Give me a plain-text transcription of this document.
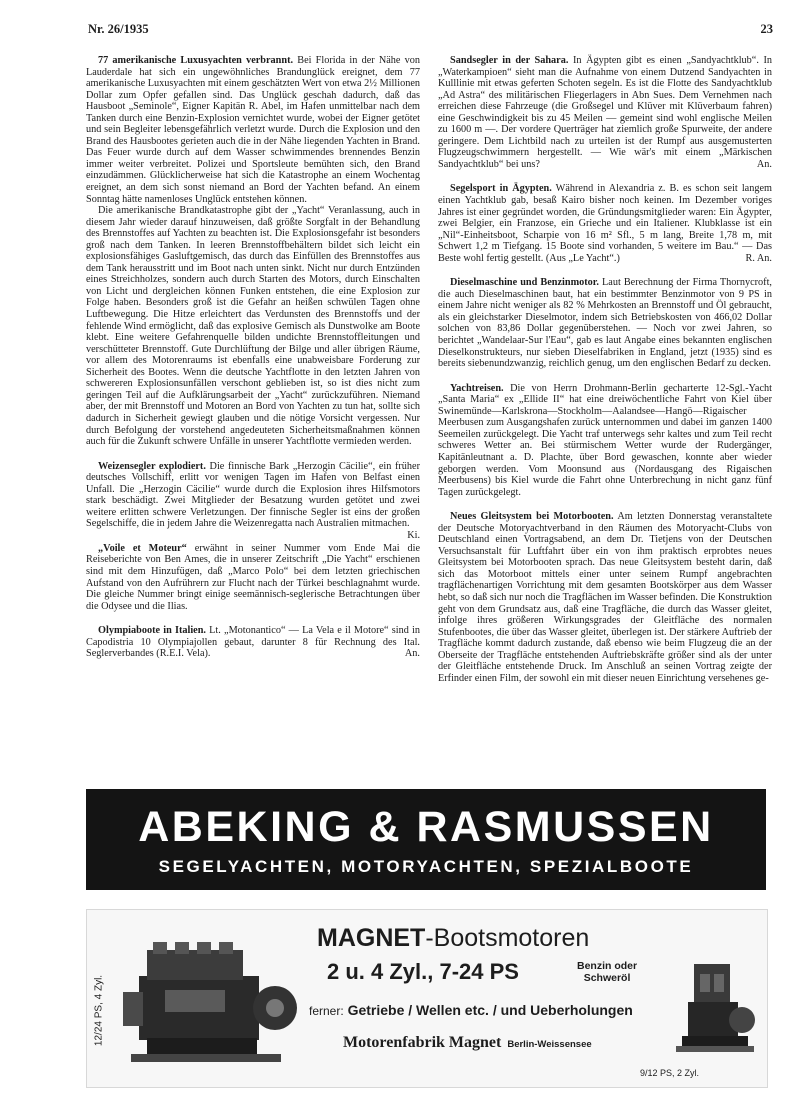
Nr. 26/1935	23

77 amerikanische Luxusyachten verbrannt. Bei Florida in der Nähe von Lauderdale hat sich ein ungewöhnliches Brandunglück ereignet, dem 77 amerikanische Luxusyachten mit einem geschätzten Wert von etwa 2½ Millionen Dollar zum Opfer gefallen sind. Das Unglück geschah dadurch, daß das Hausboot „Seminole“, Eigner Kapitän R. Abel, im Hafen unmittelbar nach dem Tanken durch eine Benzin-Explosion vernichtet wurde, wobei der Eigner getötet und sein Begleiter lebensgefährlich verletzt wurde. Durch die Explosion und den Brand des Hausbootes gerieten auch die in der Nähe liegenden Yachten in Brand. Das Feuer wurde durch auf dem Wasser schwimmendes brennendes Benzin immer weiter verbreitet. Polizei und Sportsleute bemühten sich, den Brand einzudämmen. Glücklicherweise hat sich die Katastrophe an einem Wochentag ereignet, an dem sich sonst niemand an Bord der Yachten befand. An einem Sonntag hätte namenloses Unglück entstehen können.

Die amerikanische Brandkatastrophe gibt der „Yacht“ Veranlassung, auch in diesem Jahr wieder darauf hinzuweisen, daß größte Sorgfalt in der Behandlung des Brennstoffes auf Yachten zu beachten ist. Die Explosionsgefahr ist besonders groß nach dem Tanken. In leeren Brennstoffbehältern bildet sich leicht ein explosionsfähiges Gasluftgemisch, das durch das Einfüllen des Brennstoffes aus dem Tank herausstritt und im Boot nach unten sinkt. Nicht nur durch Entzünden eines Streichholzes, sondern auch durch Starten des Motors, durch Einschalten von Licht und dergleichen können Funken entstehen, die eine Explosion zur Folge haben. Besonders groß ist die Gefahr an heißen schwülen Tagen ohne Luftbewegung. Die Hitze erleichtert das Verdunsten des Brennstoffs und der fehlende Wind ermöglicht, daß das explosive Gemisch als Dunstwolke am Boote klebt. Eine weitere Gefahrenquelle bilden undichte Brennstoffleitungen und verschütteter Brennstoff. Gute Durchlüftung der Bilge und aller übrigen Räume, vor allem des Motorenraums ist ebenfalls eine unabweisbare Forderung zur Sicherheit des Bootes. Wenn die deutsche Yachtflotte in den letzten Jahren von schwereren Explosionsunfällen verschont geblieben ist, so ist dies nicht zum geringen Teil auf die Aufklärungsarbeit der „Yacht“ zurückzuführen. Niemand aber, der mit Brennstoff und Motoren an Bord von Yachten zu tun hat, sollte sich dadurch in Sicherheit gewiegt glauben und die nötige Vorsicht vergessen. Nur durch Befolgung der vorstehend angedeuteten Sicherheitsmaßnahmen können auch für die Zukunft schwere Unfälle in unserer Yachtflotte vermieden werden.

Weizensegler explodiert. Die finnische Bark „Herzogin Cäcilie“, ein früher deutsches Vollschiff, erlitt vor wenigen Tagen im Hafen von Belfast einen Unfall. Die „Herzogin Cäcilie“ wurde durch die Explosion ihres Hilfsmotors stark beschädigt. Zwei Mitglieder der Besatzung wurden getötet und zwei weitere erlitten schwere Verletzungen. Der finnische Segler ist eins der großen Segelschiffe, die in jedem Jahre die Weizenregatta nach Australien mitmachen.
Ki.

„Voile et Moteur“ erwähnt in seiner Nummer vom Ende Mai die Reiseberichte von Ben Ames, die in unserer Zeitschrift „Die Yacht“ erschienen sind mit dem Hinzufügen, daß „Marco Polo“ bei dem letzten griechischen Aufstand von den Aufrührern zur Flucht nach der Türkei beschlagnahmt wurde. Die gleiche Nummer bringt einige seemännisch-seglerische Betrachtungen über die Odysee und die Ilias.

Olympiaboote in Italien. Lt. „Motonantico“ — La Vela e il Motore“ sind in Capodistria 10 Olympiajollen gebaut, darunter 8 für Rechnung des Ital. Seglerverbandes (R.E.I. Vela).	An.

Sandsegler in der Sahara. In Ägypten gibt es einen „Sandyachtklub“. In „Waterkampioen“ sieht man die Aufnahme von einem Dutzend Sandyachten in Kulllinie mit etwas geferten Schoten segeln. Es ist die Flotte des Sandyachtklub „Ad Astra“ des militärischen Fliegerlagers in Abn Sues. Dem Vernehmen nach erreichen diese Fahrzeuge (die Großsegel und Klüver mit Klüverbaum fahren) eine Geschwindigkeit bis zu 45 Meilen — gemeint sind wohl englische Meilen zu 1600 m —. Der vordere Querträger hat ziemlich große Spurweite, der andere geringere. Dem Lichtbild nach zu urteilen ist der Rumpf aus ausgemusterten Flugzeugschwimmern hergestellt. — Wie wär's mit einem „Märkischen Sandyachtklub“ bei uns?	An.

Segelsport in Ägypten. Während in Alexandria z. B. es schon seit langem einen Yachtklub gab, besaß Kairo bisher noch keinen. Im Dezember voriges Jahres ist einer gegründet worden, die Gründungsmitglieder waren: Ein Ägypter, zwei Belgier, ein Franzose, ein Grieche und ein Italiener. Klubklasse ist ein „Nil“-Einheitsboot, Scharpie von 16 m² Sfl., 5 m lang, Breite 1,78 m, mit Schwert 1,2 m Tiefgang. 15 Boote sind vorhanden, 5 weitere im Bau.“ — Das Beste wohl fertig gestellt. (Aus „Le Yacht“.)	R. An.

Dieselmaschine und Benzinmotor. Laut Berechnung der Firma Thornycroft, die auch Dieselmaschinen baut, hat ein bestimmter Benzinmotor von 9 PS in einem Jahre nicht weniger als 82 % Mehrkosten an Brennstoff und Öl gebraucht, als ein gleichstarker Dieselmotor, indem sich Betriebskosten von 466,02 Dollar solchen von 83,86 Dollar gegenüberstehen. — Noch vor zwei Jahren, so berichtet „Wandelaar-Sur l'Eau“, gab es laut Angabe eines bekannten englischen Dieselkonstrukteurs, nur sieben Dieselfabriken in England, jetzt (1935) sind es bereits siebenundzwanzig, reichlich genug, um den englischen Bedarf zu decken.

Yachtreisen. Die von Herrn Drohmann-Berlin gecharterte 12-Sgl.-Yacht „Santa Maria“ ex „Ellide II“ hat eine dreiwöchentliche Fahrt von Kiel über Swinemünde—Karlskrona—Stockholm—Aalandsee—Hangö—Rigaischer Meerbusen zum Ausgangshafen zurück unternommen und dabei im ganzen 1400 Seemeilen zurückgelegt. Die Yacht traf unterwegs sehr kaltes und zum Teil recht schweres Wetter an. Bei stürmischem Wetter wurde der Rudergänger, Kapitänleutnant a. D. Plachte, über Bord gewaschen, konnte aber wieder geborgen werden. Vom Moonsund aus (Nordausgang des Rigaischen Meerbusens) bis Kiel wurde die Fahrt ohne Unterbrechung in nicht ganz fünf Tagen zurückgelegt.

Neues Gleitsystem bei Motorbooten. Am letzten Donnerstag veranstaltete der Deutsche Motoryachtverband in den Räumen des Motoryacht-Clubs von Deutschland einen Vortragsabend, an dem Dr. Tietjens von der Deutschen Versuchsanstalt für Luftfahrt über ein von ihm praktisch erprobtes neues Gleitsystem bei Motorbooten sprach. Das neue Gleitsystem besteht darin, daß sich das Motorboot mittels einer unter seinem Rumpf angebrachten tragflächenartigen Vorrichtung mit dem gesamten Bootskörper aus dem Wasser hebt, so daß sich nur noch die Tragflächen im Wasser befinden. Die Konstruktion geht von dem Grundsatz aus, daß eine Tragfläche, die durch das Wasser gleitet, infolge ihres größeren Wirkungsgrades der Gleitfläche des normalen Stufenbootes, die über das Wasser gleitet, überlegen ist. Der stärkere Auftrieb der Tragfläche kommt dadurch zustande, daß ebenso wie beim Flugzeug die an der Oberseite der Tragfläche entstehenden Auftriebskräfte größer sind als der unter der Gleitfläche entstehende Druck. Im Anschluß an seinen Vortrag zeigte der Erfinder einen Film, der sowohl ein mit dieser neuen Einrichtung versehenes ge-

ABEKING & RASMUSSEN
SEGELYACHTEN, MOTORYACHTEN, SPEZIALBOOTE
12/24 PS, 4 Zyl.
MAGNET-Bootsmotoren
2 u. 4 Zyl., 7-24 PS	Benzin oder
Schweröl
ferner: Getriebe / Wellen etc. / und Ueberholungen
Motorenfabrik Magnet Berlin-Weissensee
9/12 PS, 2 Zyl.
